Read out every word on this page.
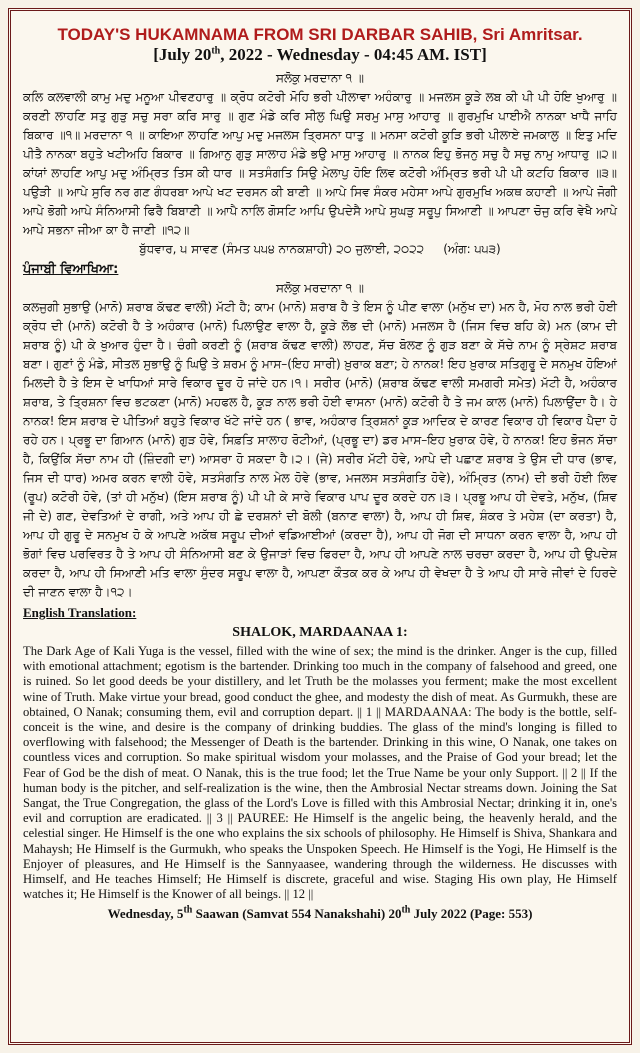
TODAY'S HUKAMNAMA FROM SRI DARBAR SAHIB, Sri Amritsar.

[July 20th, 2022 - Wednesday - 04:45 AM. IST]

ਸਲੋਕੁ ਮਰਦਾਨਾ ੧ ॥

ਕਲਿ ਕਲਵਾਲੀ ਕਾਮੁ ਮਦੁ ਮਨੂਆ ਪੀਵਣਹਾਰੁ ॥ ਕ੍ਰੋਧ ਕਟੋਰੀ ਮੋਹਿ ਭਰੀ ਪੀਲਾਵਾ ਅਹੰਕਾਰੁ ॥ ਮਜਲਸ ਕੂੜੇ ਲਬ ਕੀ ਪੀ ਪੀ ਹੋਇ ਖੁਆਰੁ ॥ ਕਰਣੀ ਲਾਹਣਿ ਸਤੁ ਗੁੜੁ ਸਚੁ ਸਰਾ ਕਰਿ ਸਾਰੁ ॥ ਗੁਣ ਮੰਡੇ ਕਰਿ ਸੀਲੁ ਘਿਉ ਸਰਮੁ ਮਾਸੁ ਆਹਾਰੁ ॥ ਗੁਰਮੁਖਿ ਪਾਈਐ ਨਾਨਕਾ ਖਾਧੈ ਜਾਹਿ ਬਿਕਾਰ ॥੧॥ ਮਰਦਾਨਾ ੧ ॥ ਕਾਇਆ ਲਾਹਣਿ ਆਪੁ ਮਦੁ ਮਜਲਸ ਤ੍ਰਿਸਨਾ ਧਾਤੁ ॥ ਮਨਸਾ ਕਟੋਰੀ ਕੂੜਿ ਭਰੀ ਪੀਲਾਏ ਜਮਕਾਲੁ ॥ ਇਤੁ ਮਦਿ ਪੀਤੈ ਨਾਨਕਾ ਬਹੁਤੇ ਖਟੀਅਹਿ ਬਿਕਾਰ ॥ ਗਿਆਨੁ ਗੁੜੁ ਸਾਲਾਹ ਮੰਡੇ ਭਉ ਮਾਸੁ ਆਹਾਰੁ ॥ ਨਾਨਕ ਇਹੁ ਭੋਜਨੁ ਸਚੁ ਹੈ ਸਚੁ ਨਾਮੁ ਆਧਾਰੁ ॥੨॥ ਕਾਂਯਾਂ ਲਾਹਣਿ ਆਪੁ ਮਦੁ ਅੰਮ੍ਰਿਤ ਤਿਸ ਕੀ ਧਾਰ ॥ ਸਤਸੰਗਤਿ ਸਿਉ ਮੇਲਾਪੁ ਹੋਇ ਲਿਵ ਕਟੋਰੀ ਅੰਮ੍ਰਿਤ ਭਰੀ ਪੀ ਪੀ ਕਟਹਿ ਬਿਕਾਰ ॥੩॥ ਪਉੜੀ ॥ ਆਪੇ ਸੁਰਿ ਨਰ ਗਣ ਗੰਧਰਬਾ ਆਪੇ ਖਟ ਦਰਸਨ ਕੀ ਬਾਣੀ ॥ ਆਪੇ ਸਿਵ ਸੰਕਰ ਮਹੇਸਾ ਆਪੇ ਗੁਰਮੁਖਿ ਅਕਥ ਕਹਾਣੀ ॥ ਆਪੇ ਜੋਗੀ ਆਪੇ ਭੋਗੀ ਆਪੇ ਸੰਨਿਆਸੀ ਫਿਰੈ ਬਿਬਾਣੀ ॥ ਆਪੈ ਨਾਲਿ ਗੋਸਟਿ ਆਪਿ ਉਪਦੇਸੈ ਆਪੇ ਸੁਘੜੁ ਸਰੂਪੁ ਸਿਆਣੀ ॥ ਆਪਣਾ ਚੋਜੁ ਕਰਿ ਵੇਖੈ ਆਪੇ ਆਪੇ ਸਭਨਾ ਜੀਆ ਕਾ ਹੈ ਜਾਣੀ ॥੧੨॥

ਬੁੱਧਵਾਰ, ੫ ਸਾਵਣ (ਸੰਮਤ ੫੫੪ ਨਾਨਕਸ਼ਾਹੀ) ੨੦ ਜੁਲਾਈ, ੨੦੨੨ (ਅੰਗ: ੫੫੩)

ਪੰਜਾਬੀ ਵਿਆਖਿਆ:

ਸਲੋਕੁ ਮਰਦਾਨਾ ੧ ॥

ਕਲਜੁਗੀ ਸੁਭਾਉ (ਮਾਨੋ) ਸ਼ਰਾਬ ਕੱਢਣ ਵਾਲੀ) ਮੱਟੀ ਹੈ; ਕਾਮ (ਮਾਨੋ) ਸ਼ਰਾਬ ਹੈ ਤੇ ਇਸ ਨੂੰ ਪੀਣ ਵਾਲਾ (ਮਨੁੱਖ ਦਾ) ਮਨ ਹੈ, ਮੋਹ ਨਾਲ ਭਰੀ ਹੋਈ ਕ੍ਰੋਧ ਦੀ (ਮਾਨੋ) ਕਟੋਰੀ ਹੈ ਤੇ ਅਹੰਕਾਰ (ਮਾਨੋ) ਪਿਲਾਉਣ ਵਾਲਾ ਹੈ, ਕੂੜੇ ਲੋਭ ਦੀ (ਮਾਨੋ) ਮਜਲਸ ਹੈ (ਜਿਸ ਵਿਚ ਬਹਿ ਕੇ) ਮਨ (ਕਾਮ ਦੀ ਸ਼ਰਾਬ ਨੂੰ) ਪੀ ਕੇ ਖੁਆਰ ਹੁੰਦਾ ਹੈ। ਚੰਗੀ ਕਰਣੀ ਨੂੰ (ਸ਼ਰਾਬ ਕੱਢਣ ਵਾਲੀ) ਲਾਹਣ, ਸੱਚ ਬੋਲਣ ਨੂੰ ਗੁੜ ਬਣਾ ਕੇ ਸੱਚੇ ਨਾਮ ਨੂੰ ਸ੍ਰੇਸ਼ਟ ਸ਼ਰਾਬ ਬਣਾ। ਗੁਣਾਂ ਨੂੰ ਮੰਡੇ, ਸੀਤਲ ਸੁਭਾਉ ਨੂੰ ਘਿਉ ਤੇ ਸ਼ਰਮ ਨੂੰ ਮਾਸ–(ਇਹ ਸਾਰੀ) ਖ਼ੁਰਾਕ ਬਣਾ; ਹੇ ਨਾਨਕ! ਇਹ ਖ਼ੁਰਾਕ ਸਤਿਗੁਰੂ ਦੇ ਸਨਮੁਖ ਹੋਇਆਂ ਮਿਲਦੀ ਹੈ ਤੇ ਇਸ ਦੇ ਖਾਧਿਆਂ ਸਾਰੇ ਵਿਕਾਰ ਦੂਰ ਹੋ ਜਾਂਦੇ ਹਨ।੧। ਸਰੀਰ (ਮਾਨੋ) (ਸ਼ਰਾਬ ਕੱਢਣ ਵਾਲੀ ਸਮਗਰੀ ਸਮੇਤ) ਮੱਟੀ ਹੈ, ਅਹੰਕਾਰ ਸ਼ਰਾਬ, ਤੇ ਤ੍ਰਿਸ਼ਨਾ ਵਿਚ ਭਟਕਣਾ (ਮਾਨੋ) ਮਹਫਲ ਹੈ, ਕੂੜ ਨਾਲ ਭਰੀ ਹੋਈ ਵਾਸਨਾ (ਮਾਨੋ) ਕਟੋਰੀ ਹੈ ਤੇ ਜਮ ਕਾਲ (ਮਾਨੋ) ਪਿਲਾਉਂਦਾ ਹੈ। ਹੇ ਨਾਨਕ! ਇਸ ਸ਼ਰਾਬ ਦੇ ਪੀਤਿਆਂ ਬਹੁਤੇ ਵਿਕਾਰ ਖੱਟੇ ਜਾਂਦੇ ਹਨ ( ਭਾਵ, ਅਹੰਕਾਰ ਤ੍ਰਿਸ਼ਨਾਂ ਕੂੜ ਆਦਿਕ ਦੇ ਕਾਰਣ ਵਿਕਾਰ ਹੀ ਵਿਕਾਰ ਪੈਦਾ ਹੋ ਰਹੇ ਹਨ। ਪ੍ਰਭੂ ਦਾ ਗਿਆਨ (ਮਾਨੋ) ਗੁੜ ਹੋਵੇ, ਸਿਫ਼ਤਿ ਸਾਲਾਹ ਰੋਟੀਆਂ, (ਪ੍ਰਭੂ ਦਾ) ਡਰ ਮਾਸ–ਇਹ ਖ਼ੁਰਾਕ ਹੋਵੇ, ਹੇ ਨਾਨਕ! ਇਹ ਭੋਜਨ ਸੱਚਾ ਹੈ, ਕਿਉਂਕਿ ਸੱਚਾ ਨਾਮ ਹੀ (ਜ਼ਿੰਦਗੀ ਦਾ) ਆਸਰਾ ਹੋ ਸਕਦਾ ਹੈ।੨। (ਜੇ) ਸਰੀਰ ਮੱਟੀ ਹੋਵੇ, ਆਪੇ ਦੀ ਪਛਾਣ ਸ਼ਰਾਬ ਤੇ ਉਸ ਦੀ ਧਾਰ (ਭਾਵ, ਜਿਸ ਦੀ ਧਾਰ) ਅਮਰ ਕਰਨ ਵਾਲੀ ਹੋਵੇ, ਸਤਸੰਗਤਿ ਨਾਲ ਮੇਲ ਹੋਵੇ (ਭਾਵ, ਮਜਲਸ ਸਤਸੰਗਤਿ ਹੋਵੇ), ਅੰਮ੍ਰਿਤ (ਨਾਮ) ਦੀ ਭਰੀ ਹੋਈ ਲਿਵ (ਰੂਪ) ਕਟੋਰੀ ਹੋਵੇ, (ਤਾਂ ਹੀ ਮਨੁੱਖ) (ਇਸ ਸ਼ਰਾਬ ਨੂੰ) ਪੀ ਪੀ ਕੇ ਸਾਰੇ ਵਿਕਾਰ ਪਾਪ ਦੂਰ ਕਰਦੇ ਹਨ।੩। ਪ੍ਰਭੂ ਆਪ ਹੀ ਦੇਵਤੇ, ਮਨੁੱਖ, (ਸ਼ਿਵ ਜੀ ਦੇ) ਗਣ, ਦੇਵਤਿਆਂ ਦੇ ਰਾਗੀ, ਅਤੇ ਆਪ ਹੀ ਛੇ ਦਰਸ਼ਨਾਂ ਦੀ ਬੋਲੀ (ਬਨਾਣ ਵਾਲਾ) ਹੈ, ਆਪ ਹੀ ਸ਼ਿਵ, ਸ਼ੰਕਰ ਤੇ ਮਹੇਸ਼ (ਦਾ ਕਰਤਾ) ਹੈ, ਆਪ ਹੀ ਗੁਰੂ ਦੇ ਸਨਮੁਖ ਹੋ ਕੇ ਆਪਣੇ ਅਕੱਥ ਸਰੂਪ ਦੀਆਂ ਵਡਿਆਈਆਂ (ਕਰਦਾ ਹੈ), ਆਪ ਹੀ ਜੋਗ ਦੀ ਸਾਧਨਾ ਕਰਨ ਵਾਲਾ ਹੈ, ਆਪ ਹੀ ਭੋਗਾਂ ਵਿਚ ਪਰਵਿਰਤ ਹੈ ਤੇ ਆਪ ਹੀ ਸੰਨਿਆਸੀ ਬਣ ਕੇ ਉਜਾੜਾਂ ਵਿਚ ਫਿਰਦਾ ਹੈ, ਆਪ ਹੀ ਆਪਣੇ ਨਾਲ ਚਰਚਾ ਕਰਦਾ ਹੈ, ਆਪ ਹੀ ਉਪਦੇਸ਼ ਕਰਦਾ ਹੈ, ਆਪ ਹੀ ਸਿਆਣੀ ਮਤਿ ਵਾਲਾ ਸੁੰਦਰ ਸਰੂਪ ਵਾਲਾ ਹੈ, ਆਪਣਾ ਕੌਤਕ ਕਰ ਕੇ ਆਪ ਹੀ ਵੇਖਦਾ ਹੈ ਤੇ ਆਪ ਹੀ ਸਾਰੇ ਜੀਵਾਂ ਦੇ ਹਿਰਦੇ ਦੀ ਜਾਣਨ ਵਾਲਾ ਹੈ।੧੨।

English Translation:

SHALOK, MARDAANAA 1:

The Dark Age of Kali Yuga is the vessel, filled with the wine of sex; the mind is the drinker. Anger is the cup, filled with emotional attachment; egotism is the bartender. Drinking too much in the company of falsehood and greed, one is ruined. So let good deeds be your distillery, and let Truth be the molasses you ferment; make the most excellent wine of Truth. Make virtue your bread, good conduct the ghee, and modesty the dish of meat. As Gurmukh, these are obtained, O Nanak; consuming them, evil and corruption depart. || 1 || MARDAANAA: The body is the bottle, self-conceit is the wine, and desire is the company of drinking buddies. The glass of the mind's longing is filled to overflowing with falsehood; the Messenger of Death is the bartender. Drinking in this wine, O Nanak, one takes on countless vices and corruption. So make spiritual wisdom your molasses, and the Praise of God your bread; let the Fear of God be the dish of meat. O Nanak, this is the true food; let the True Name be your only Support. || 2 || If the human body is the pitcher, and self-realization is the wine, then the Ambrosial Nectar streams down. Joining the Sat Sangat, the True Congregation, the glass of the Lord's Love is filled with this Ambrosial Nectar; drinking it in, one's evil and corruption are eradicated. || 3 || PAUREE: He Himself is the angelic being, the heavenly herald, and the celestial singer. He Himself is the one who explains the six schools of philosophy. He Himself is Shiva, Shankara and Mahaysh; He Himself is the Gurmukh, who speaks the Unspoken Speech. He Himself is the Yogi, He Himself is the Enjoyer of pleasures, and He Himself is the Sannyaasee, wandering through the wilderness. He discusses with Himself, and He teaches Himself; He Himself is discrete, graceful and wise. Staging His own play, He Himself watches it; He Himself is the Knower of all beings. || 12 ||

Wednesday, 5th Saawan (Samvat 554 Nanakshahi) 20th July 2022 (Page: 553)
